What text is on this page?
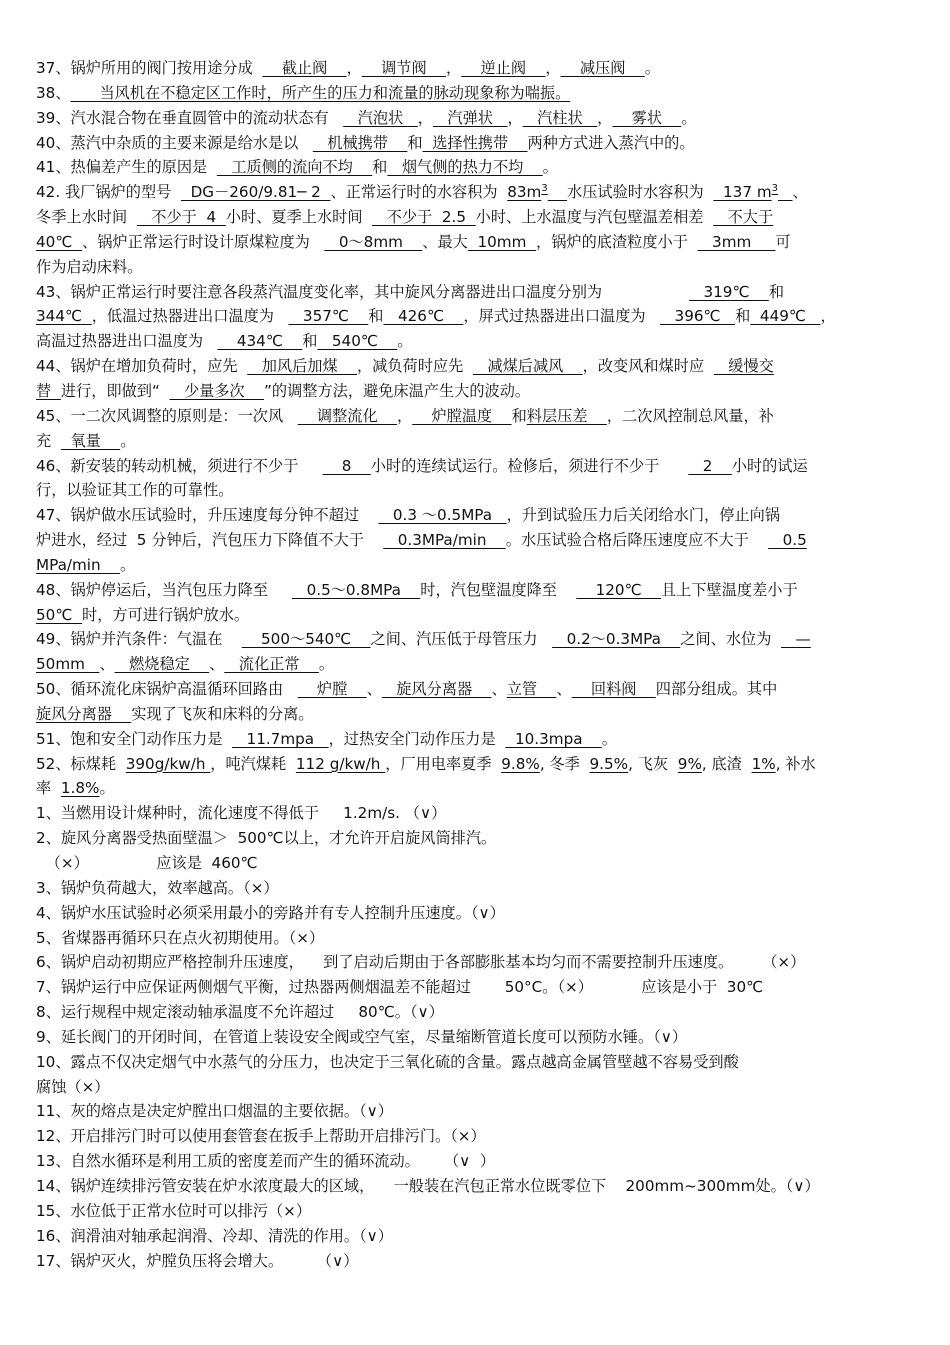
37、锅炉所用的阀门按用途分成      截止阀    ，    调节阀    ，    逆止阀    ，    减压阀    。
38、      当风机在不稳定区工作时，所产生的压力和流量的脉动现象称为喘振。
39、汽水混合物在垂直圆管中的流动状态有      汽泡状   ，   汽弹状   ，   汽柱状   ，    雾状    。
40、蒸汽中杂质的主要来源是给水是以      机械携带    和  选择性携带    两种方式进入蒸汽中的。
41、热偏差产生的原因是     工质侧的流向不均    和   烟气侧的热力不均    。
42. 我厂锅炉的型号    DG－260/9.81─ 2  、正常运行时的水容积为  $83m^3$ 水压试验时水容积为    137 $m^3$ 、
冬季上水时间     不少于  4  小时、夏季上水时间     不少于  2.5  小时、上水温度与汽包壁温差相差     不大于
40℃  、锅炉正常运行时设计原煤粒度为      0～8mm    、最大  10mm  ，锅炉的底渣粒度小于     3mm     可
作为启动床料。
43、锅炉正常运行时要注意各段蒸汽温度变化率，其中旋风分离器进出口温度分别为                     319℃    和
344℃  ，低温过热器进出口温度为      357℃    和   426℃    ，屏式过热器进出口温度为      396℃   和  449℃   ，
高温过热器进出口温度为       434℃    和   540℃    。
44、锅炉在增加负荷时，应先     加风后加煤    ，减负荷时应先     减煤后减风    ，改变风和煤时应     缓慢交
替  进行，即做到“     少量多次    ”的调整方法，避免床温产生大的波动。
45、一二次风调整的原则是：一次风       调整流化    ，    炉膛温度    和料层压差    ，二次风控制总风量，补
充    氧量    。
46、新安装的转动机械，须进行不少于         8    小时的连续试运行。检修后，须进行不少于         2    小时的试运
行，以验证其工作的可靠性。
47、锅炉做水压试验时，升压速度每分钟不超过       0.3 ～0.5MPa   ，升到试验压力后关闭给水门，停止向锅
炉进水，经过  5 分钟后，汽包压力下降值不大于       0.3MPa/min    。水压试验合格后降压速度应不大于       0.5
MPa/min    。
48、锅炉停运后，当汽包压力降至        0.5～0.8MPa    时，汽包壁温度降至        120℃    且上下壁温度差小于
50℃  时，方可进行锅炉放水。
49、锅炉并汽条件：气温在        500～540℃    之间、汽压低于母管压力      0.2～0.3MPa    之间、水位为     —
50mm   、   燃烧稳定    、   流化正常    。
50、循环流化床锅炉高温循环回路由       炉膛    、   旋风分离器    、立管    、    回料阀    四部分组成。其中
旋风分离器    实现了飞灰和床料的分离。
51、饱和安全门动作压力是     11.7mpa   ，过热安全门动作压力是    10.3mpa    。
52、标煤耗  390g/kw/h ，吨汽煤耗  112 g/kw/h ，厂用电率夏季  9.8%, 冬季  9.5%, 飞灰  9%, 底渣  1%, 补水
率  1.8%。
1、当燃用设计煤种时，流化速度不得低于     1.2m/s. （∨）
2、旋风分离器受热面壁温＞  500℃以上，才允许开启旋风筒排汽。
（×）              应该是  460℃
3、锅炉负荷越大，效率越高。（×）
4、锅炉水压试验时必须采用最小的旁路并有专人控制升压速度。（∨）
5、省煤器再循环只在点火初期使用。（×）
6、锅炉启动初期应严格控制升压速度，    到了启动后期由于各部膨胀基本均匀而不需要控制升压速度。      （×）
7、锅炉运行中应保证两侧烟气平衡，过热器两侧烟温差不能超过       50°C。（×）          应该是小于  30℃
8、运行规程中规定滚动轴承温度不允许超过     80℃。（∨）
9、延长阀门的开闭时间，在管道上装设安全阀或空气室，尽量缩断管道长度可以预防水锤。（∨）
10、露点不仅决定烟气中水蒸气的分压力，也决定于三氧化硫的含量。露点越高金属管壁越不容易受到酸
腐蚀（×）
11、灰的熔点是决定炉膛出口烟温的主要依据。（∨）
12、开启排污门时可以使用套管套在扳手上帮助开启排污门。（×）
13、自然水循环是利用工质的密度差而产生的循环流动。     （∨  ）
14、锅炉连续排污管安装在炉水浓度最大的区域，    一般装在汽包正常水位既零位下    200mm~300mm处。（∨）
15、水位低于正常水位时可以排污（×）
16、润滑油对轴承起润滑、冷却、清洗的作用。（∨）
17、锅炉灭火，炉膛负压将会增大。       （∨）
